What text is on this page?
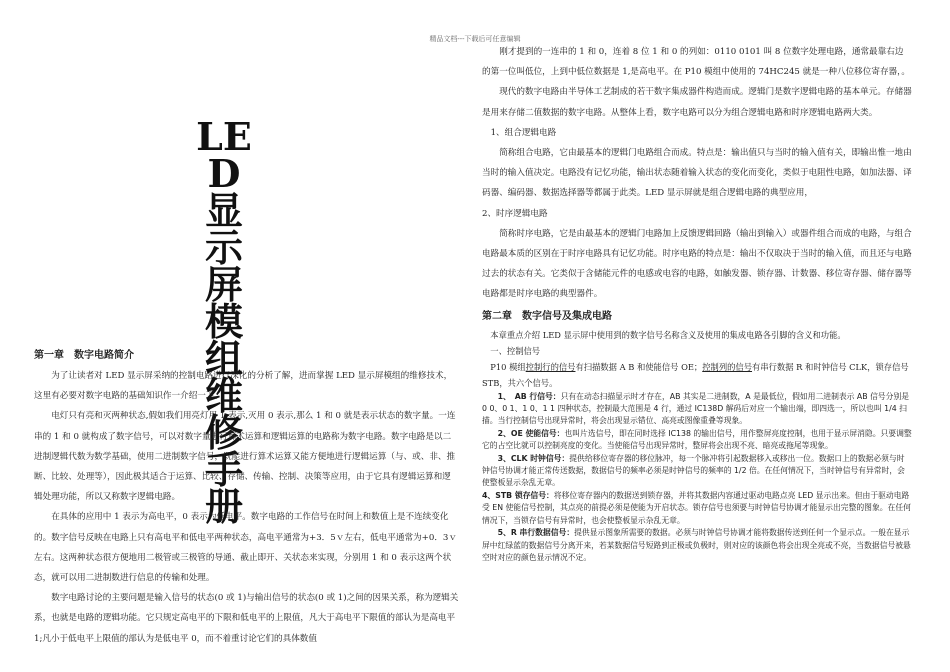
精品文档---下载后可任意编辑
LE
D
显
示
屏
模
组
维
修
手
册
第一章　数字电路简介

为了让读者对 LED 显示屏采纳的控制电路进行深化的分析了解，进而掌握 LED 显示屏模组的维修技术，这里有必要对数字电路的基础知识作一介绍一下。

电灯只有亮和灭两种状态,假如我们用亮灯用 1 表示,灭用 0 表示,那么 1 和 0 就是表示状态的数字量。一连串的 1 和 0 就构成了数字信号，可以对数字量进行算术运算和逻辑运算的电路称为数字电路。数字电路是以二进制逻辑代数为数学基础，使用二进制数字信号，既能进行算术运算又能方便地进行逻辑运算（与、或、非、推断、比较、处理等），因此极其适合于运算、比较、存储、传输、控制、决策等应用，由于它具有逻辑运算和逻辑处理功能，所以又称数字逻辑电路。

在具体的应用中 1 表示为高电平，0 表示为低电平。数字电路的工作信号在时间上和数值上是不连续变化的。数字信号反映在电路上只有高电平和低电平两种状态，高电平通常为+3．5ｖ左右，低电平通常为+0．3ｖ左右。这两种状态很方便地用二极管或三极管的导通、截止即开、关状态来实现，分别用 1 和 0 表示这两个状态，就可以用二进制数进行信息的传输和处理。

数字电路讨论的主要问题是输入信号的状态(0 或 1)与输出信号的状态(0 或 1)之间的因果关系，称为逻辑关系，也就是电路的逻辑功能。它只规定高电平的下限和低电平的上限值，凡大于高电平下限值的部认为是高电平 1;凡小于低电平上限值的部认为是低电平 0，而不着重讨论它们的具体数值

刚才提到的一连串的 1 和 0，连着 8 位 1 和 0 的列如：0110 0101 叫 8 位数字处理电路，通常最靠右边的第一位叫低位，上到中低位数据是 1,是高电平。在 P10 模组中使用的 74HC245 就是一种八位移位寄存器，。

现代的数字电路由半导体工艺制成的若干数字集成器件构造而成。逻辑门是数字逻辑电路的基本单元。存储器是用来存储二值数据的数字电路。从整体上看，数字电路可以分为组合逻辑电路和时序逻辑电路两大类。

1、组合逻辑电路

简称组合电路，它由最基本的逻辑门电路组合而成。特点是：输出值只与当时的输入值有关，即输出惟一地由当时的输入值决定。电路没有记忆功能，输出状态随着输入状态的变化而变化，类似于电阻性电路，如加法器、译码器、编码器、数据选择器等都属于此类。LED 显示屏就是组合逻辑电路的典型应用，

2、时序逻辑电路

简称时序电路，它是由最基本的逻辑门电路加上反馈逻辑回路（输出到输入）或器件组合而成的电路，与组合电路最本质的区别在于时序电路具有记忆功能。时序电路的特点是：输出不仅取决于当时的输入值，而且还与电路过去的状态有关。它类似于含储能元件的电感或电容的电路，如触发器、锁存器、计数器、移位寄存器、储存器等电路都是时序电路的典型器件。

第二章　数字信号及集成电路

本章重点介绍 LED 显示屏中使用到的数字信号名称含义及使用的集成电路各引脚的含义和功能。

一、控制信号

P10 模组控制行的信号有扫描数据 A B 和使能信号 OE；控制列的信号有串行数据 R 和时钟信号 CLK，锁存信号 STB，共六个信号。

1、　AB 行信号：只有在动态扫描显示时才存在，AB 其实是二进制数，A 是最低位，假如用二进制表示 AB 信号分别是 0 0、0 1、1 0、1 1 四种状态，控制最大范围是 4 行，通过 IC138D 解码后对应一个输出端，即四选一，所以也叫 1/4 扫描。当行控制信号出现异常时，将会出现显示错位、高亮或图像重叠等现象。

2、OE 使能信号：也叫片选信号，即在同时选择 IC138 的输出信号，用作整屏亮度控制，也用于显示屏消隐。只要调整它的占空比就可以控制亮度的变化。当使能信号出现异常时，整屏将会出现不亮、暗亮或拖尾等现象。

3、CLK 时钟信号：提供给移位寄存器的移位脉冲，每一个脉冲将引起数据移入或移出一位。数据口上的数据必须与时钟信号协调才能正常传送数据，数据信号的频率必须是时钟信号的频率的 1/2 倍。在任何情况下，当时钟信号有异常时，会使整板显示杂乱无章。

4、STB 锁存信号：将移位寄存器内的数据送到锁存器，并将其数据内容通过驱动电路点亮 LED 显示出来。但由于驱动电路受 EN 使能信号控制，其点亮的前提必须是使能为开启状态。锁存信号也须要与时钟信号协调才能显示出完整的图象。在任何情况下，当锁存信号有异常时，也会使整板显示杂乱无章。

5、R 串行数据信号：提供显示图象所需要的数据。必须与时钟信号协调才能将数据传送到任何一个显示点。一般在显示屏中红绿蓝的数据信号分离开来，若某数据信号短路到正极或负极时，则对应的该颜色将会出现全亮或不亮，当数据信号被悬空时对应的颜色显示情况不定。
